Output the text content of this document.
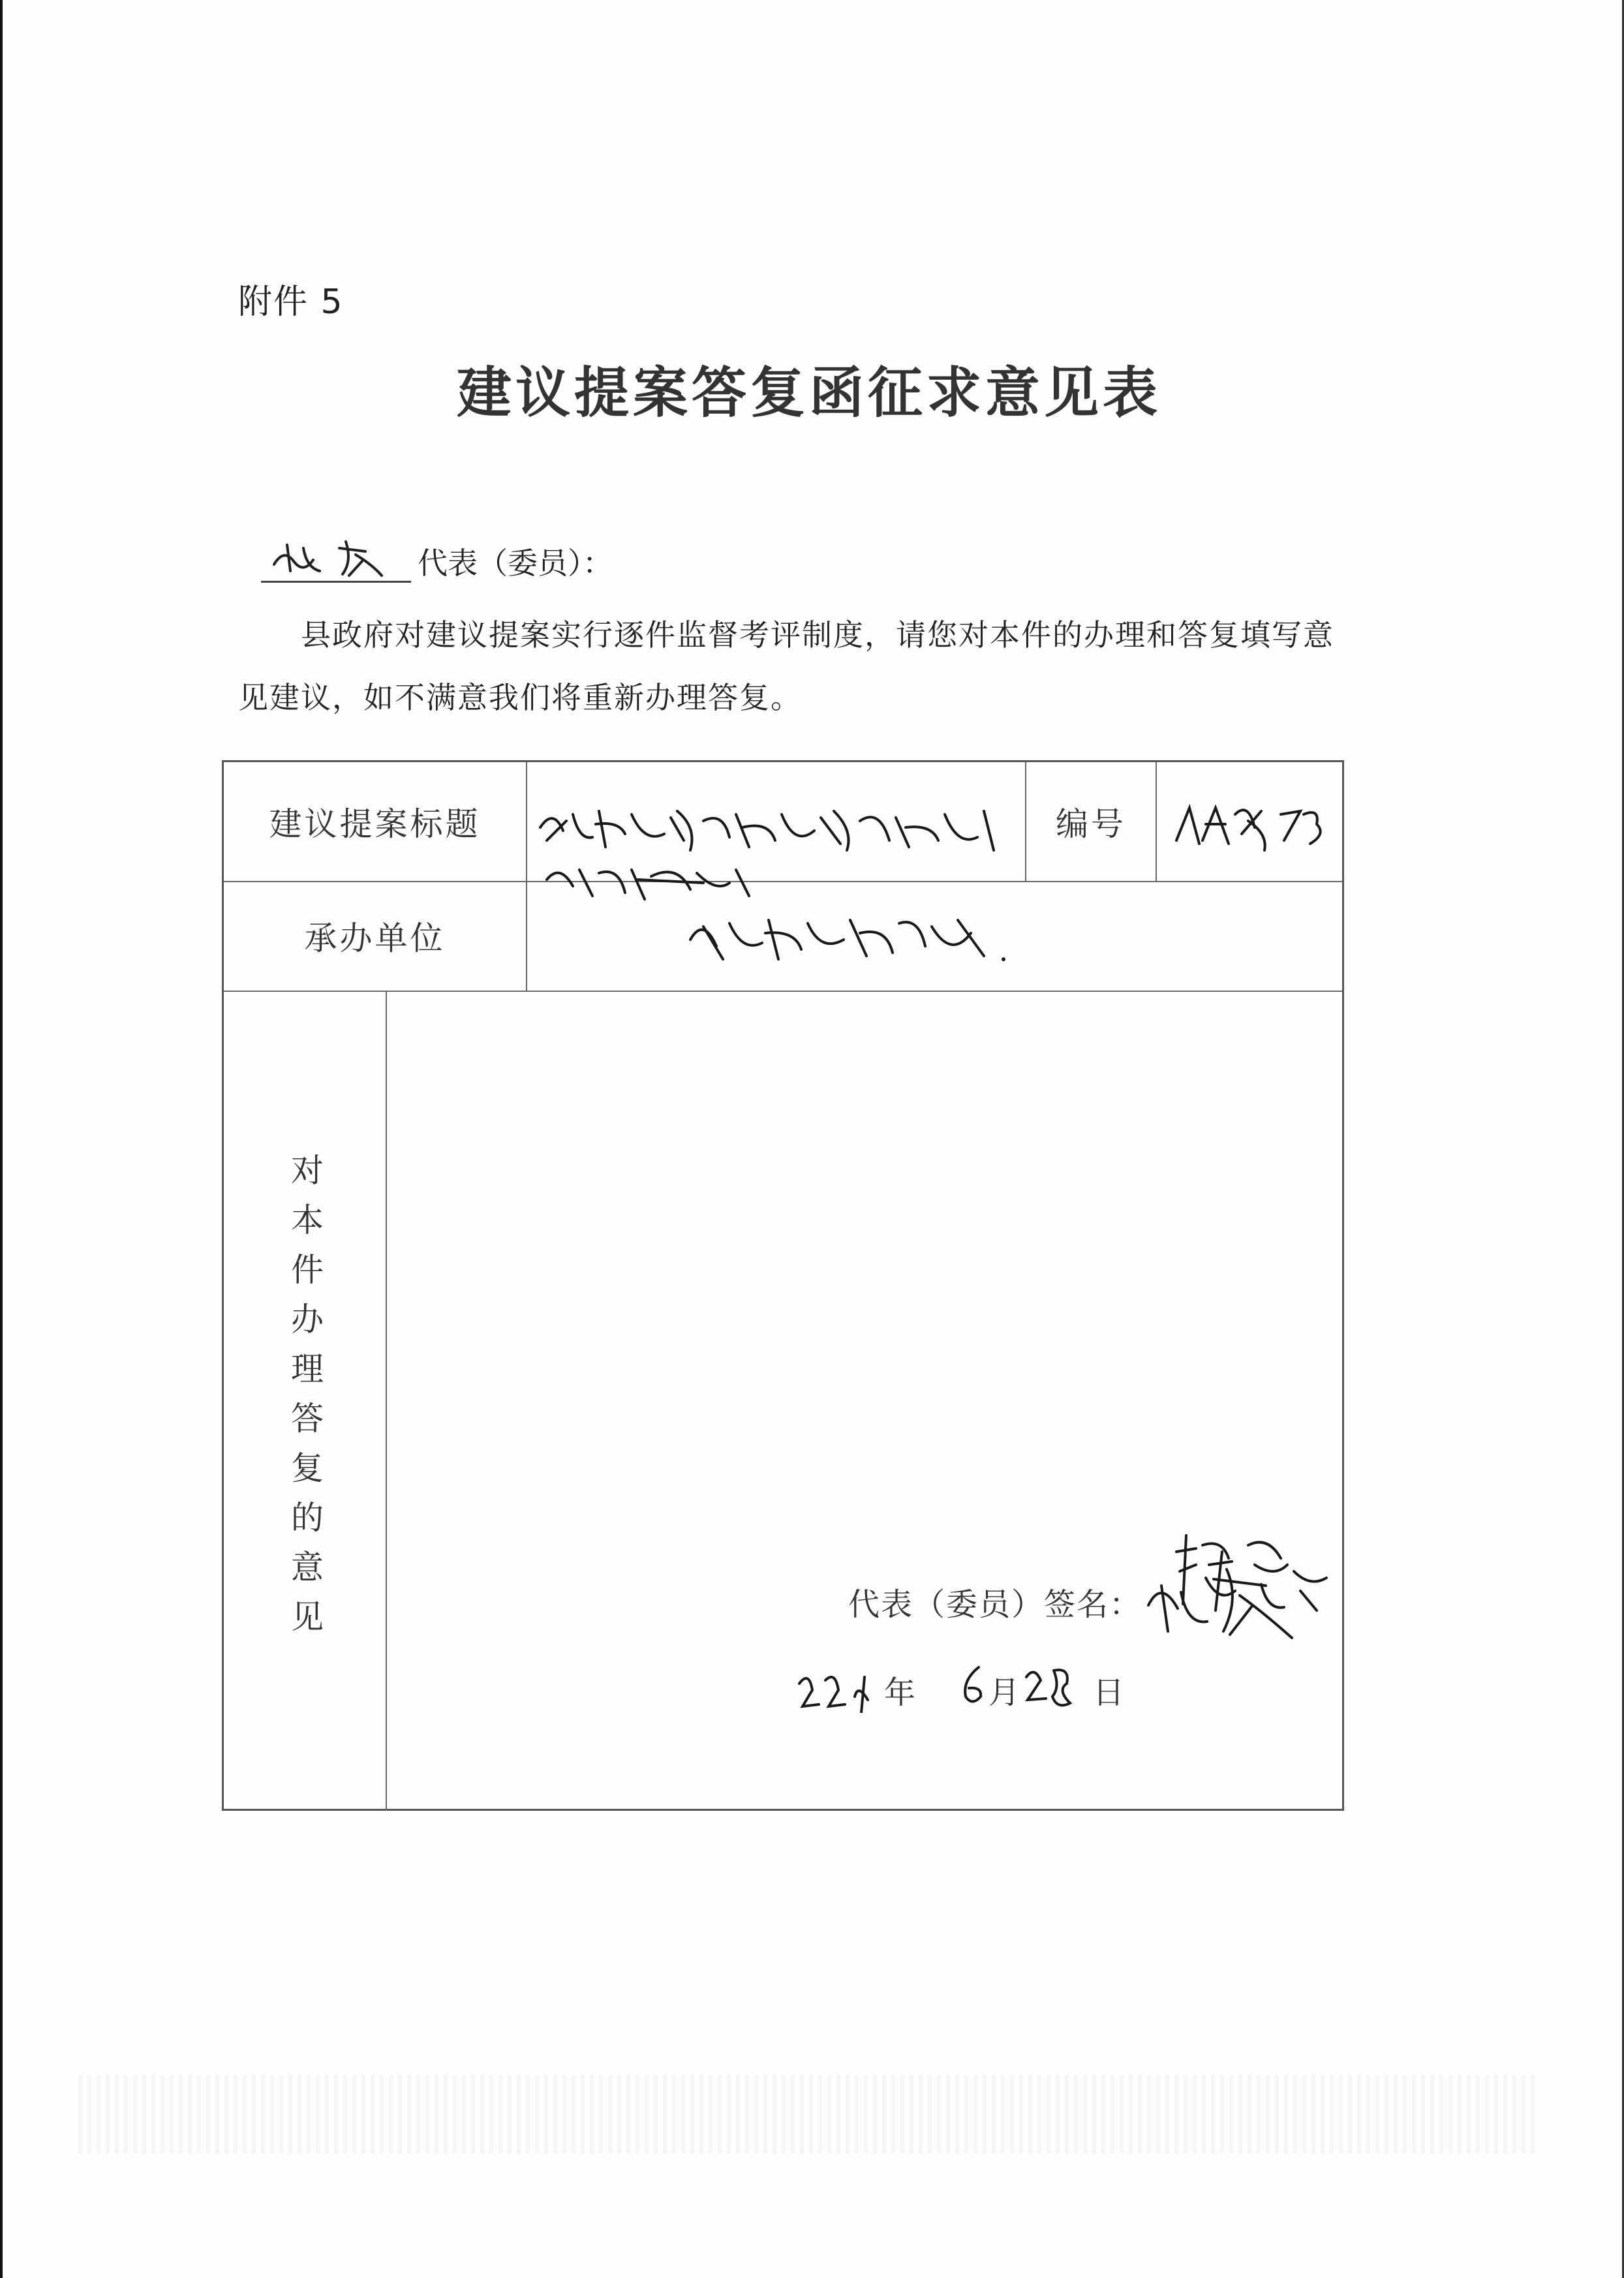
附件 5
建议提案答复函征求意见表
代表（委员）：
县政府对建议提案实行逐件监督考评制度，请您对本件的办理和答复填写意见建议，如不满意我们将重新办理答复。
建议提案标题	编号
承办单位
对本件办理答复的意见	代表（委员）签名：
年 月 日
